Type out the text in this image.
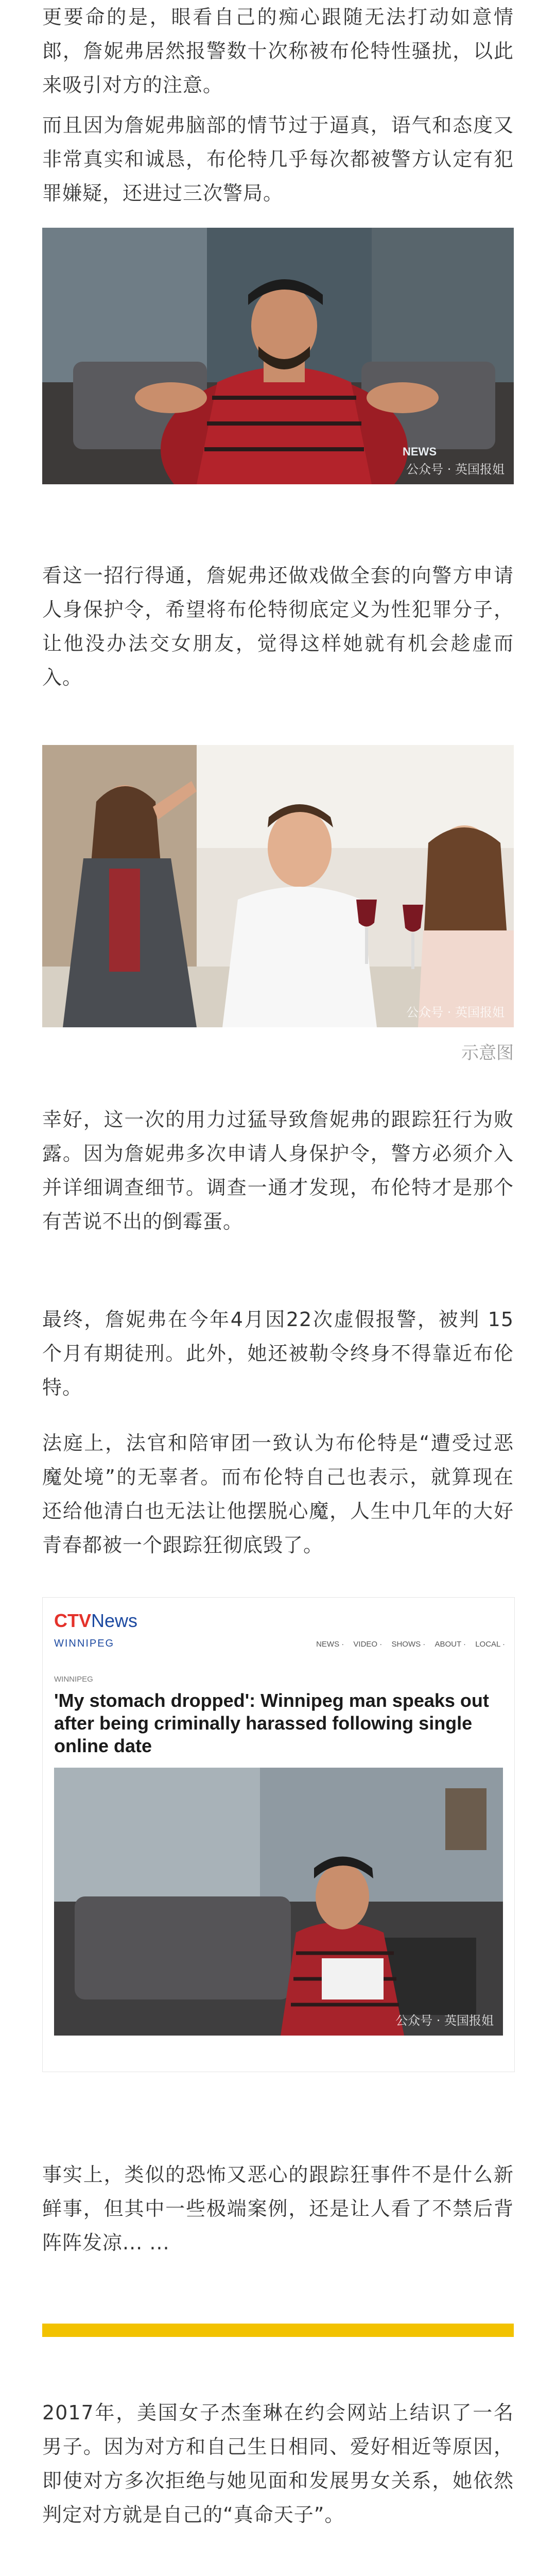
更要命的是，眼看自己的痴心跟随无法打动如意情郎，詹妮弗居然报警数十次称被布伦特性骚扰，以此来吸引对方的注意。

而且因为詹妮弗脑部的情节过于逼真，语气和态度又非常真实和诚恳，布伦特几乎每次都被警方认定有犯罪嫌疑，还进过三次警局。

NEWS
公众号 · 英国报姐

看这一招行得通，詹妮弗还做戏做全套的向警方申请人身保护令，希望将布伦特彻底定义为性犯罪分子，让他没办法交女朋友，觉得这样她就有机会趁虚而入。

公众号 · 英国报姐
示意图

幸好，这一次的用力过猛导致詹妮弗的跟踪狂行为败露。因为詹妮弗多次申请人身保护令，警方必须介入并详细调查细节。调查一通才发现，布伦特才是那个有苦说不出的倒霉蛋。

最终，詹妮弗在今年4月因22次虚假报警，被判 15 个月有期徒刑。此外，她还被勒令终身不得靠近布伦特。

法庭上，法官和陪审团一致认为布伦特是“遭受过恶魔处境”的无辜者。而布伦特自己也表示，就算现在还给他清白也无法让他摆脱心魔，人生中几年的大好青春都被一个跟踪狂彻底毁了。

CTVNews
WINNIPEG	NEWS · VIDEO · SHOWS · ABOUT · LOCAL ·
WINNIPEG
'My stomach dropped': Winnipeg man speaks out after being criminally harassed following single online date
公众号 · 英国报姐

事实上，类似的恐怖又恶心的跟踪狂事件不是什么新鲜事，但其中一些极端案例，还是让人看了不禁后背阵阵发凉... ...

2017年，美国女子杰奎琳在约会网站上结识了一名男子。因为对方和自己生日相同、爱好相近等原因，即使对方多次拒绝与她见面和发展男女关系，她依然判定对方就是自己的“真命天子”。
